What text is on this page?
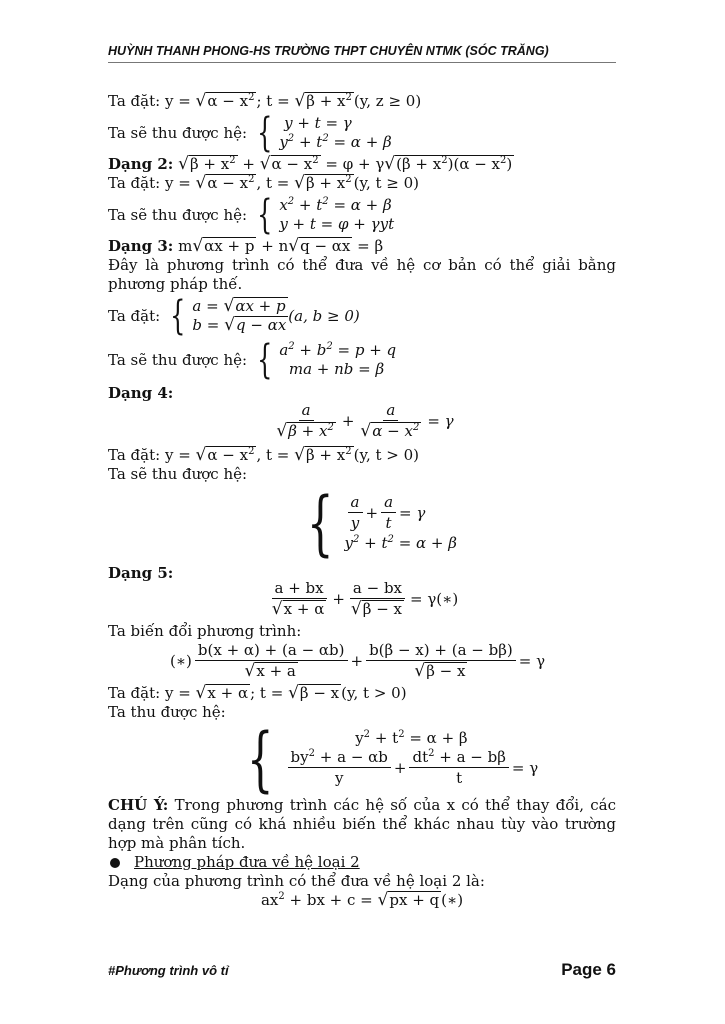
HUỲNH THANH PHONG-HS TRƯỜNG THPT CHUYÊN NTMK (SÓC TRĂNG)
Ta đặt: $y = √\alpha - x^2$ ; $t = √\beta + x^2$ (y, z ≥ 0)
Ta sẽ thu được hệ:
{ y + t = γ
$y^2 + t^2 = \alpha + \beta$
Dạng 2: $√\beta + x^2 + √\alpha - x^2 = \varphi + \gamma√(\beta + x^2)(\alpha - x^2)$
Ta đặt: $y = √\alpha - x^2$ , $t = √\beta + x^2$ (y, t ≥ 0)
Ta sẽ thu được hệ:
{ $x^2 + t^2 = \alpha + \beta$
y + t = φ + γyt
Dạng 3: m√αx + p + n√q − αx = β
Đây là phương trình có thể đưa về hệ cơ bản có thể giải bằng phương pháp thế.
Ta đặt:
{ a = √αx + p
b = √q − αx
(a, b ≥ 0)
Ta sẽ thu được hệ:
{ $a^2 + b^2 = p + q$
ma + nb = β
Dạng 4:
$\frac{a}{√\beta + x^2} + \frac{a}{√\alpha - x^2} = \gamma$
Ta đặt: $y = √\alpha - x^2$ , $t = √\beta + x^2$ (y, t > 0)
Ta sẽ thu được hệ:
{ $\frac{a}{y} + \frac{a}{t} = \gamma$
$y^2 + t^2 = \alpha + \beta$
Dạng 5:
$\frac{a + bx}{√x + \alpha} + \frac{a - bx}{√\beta - x}$ = γ(∗)
Ta biến đổi phương trình:
(∗) $\frac{b(x + \alpha) + (a - \alpha b)}{√x + a} + \frac{b(\beta - x) + (a - b\beta)}{√\beta - x} = \gamma$
Ta đặt: y = √x + α ; t = √β − x (y, t > 0)
Ta thu được hệ:
{	$y^2 + t^2 = \alpha + \beta$
$\frac{by^2 + a - \alpha b}{y} + \frac{dt^2 + a - b\beta}{t} = \gamma$
CHÚ Ý: Trong phương trình các hệ số của x có thể thay đổi, các dạng trên cũng có khá nhiều biến thể khác nhau tùy vào trường hợp mà phân tích.
Phương pháp đưa về hệ loại 2
Dạng của phương trình có thể đưa về hệ loại 2 là:
$ax^2$ + bx + c = √px + q (∗)
#Phương trình vô tỉ	Page 6
